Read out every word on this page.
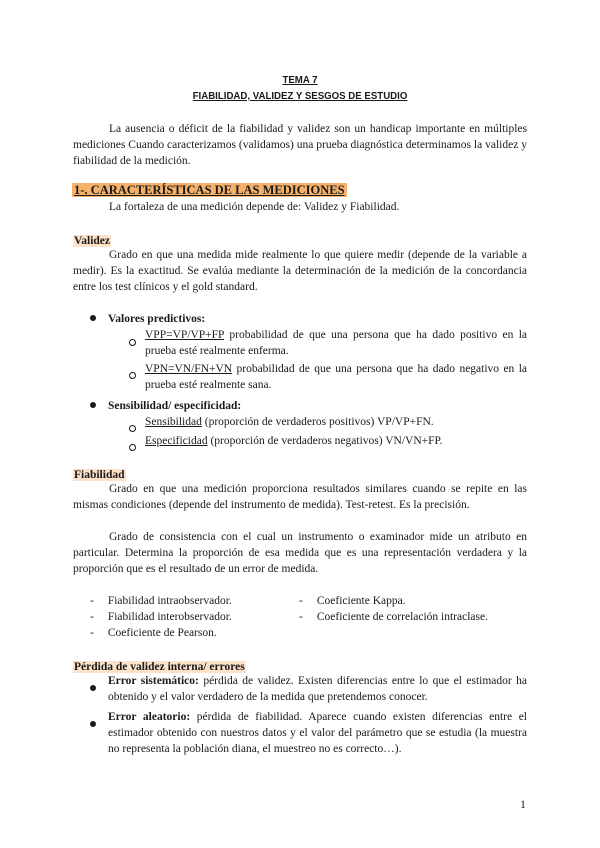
TEMA 7
FIABILIDAD, VALIDEZ Y SESGOS DE ESTUDIO
La ausencia o déficit de la fiabilidad y validez son un handicap importante en múltiples mediciones Cuando caracterizamos (validamos) una prueba diagnóstica determinamos la validez y fiabilidad de la medición.
1-. CARACTERÍSTICAS DE LAS MEDICIONES
La fortaleza de una medición depende de: Validez y Fiabilidad.
Validez
Grado en que una medida mide realmente lo que quiere medir (depende de la variable a medir). Es la exactitud. Se evalúa mediante la determinación de la medición de la concordancia entre los test clínicos y el gold standard.
Valores predictivos:
VPP=VP/VP+FP probabilidad de que una persona que ha dado positivo en la prueba esté realmente enferma.
VPN=VN/FN+VN probabilidad de que una persona que ha dado negativo en la prueba esté realmente sana.
Sensibilidad/ especificidad:
Sensibilidad (proporción de verdaderos positivos) VP/VP+FN.
Especificidad (proporción de verdaderos negativos) VN/VN+FP.
Fiabilidad
Grado en que una medición proporciona resultados similares cuando se repite en las mismas condiciones (depende del instrumento de medida). Test-retest. Es la precisión.
Grado de consistencia con el cual un instrumento o examinador mide un atributo en particular. Determina la proporción de esa medida que es una representación verdadera y la proporción que es el resultado de un error de medida.
- Fiabilidad intraobservador.
- Fiabilidad interobservador.
- Coeficiente de Pearson.
- Coeficiente Kappa.
- Coeficiente de correlación intraclase.
Pérdida de validez interna/ errores
Error sistemático: pérdida de validez. Existen diferencias entre lo que el estimador ha obtenido y el valor verdadero de la medida que pretendemos conocer.
Error aleatorio: pérdida de fiabilidad. Aparece cuando existen diferencias entre el estimador obtenido con nuestros datos y el valor del parámetro que se estudia (la muestra no representa la población diana, el muestreo no es correcto…).
1
